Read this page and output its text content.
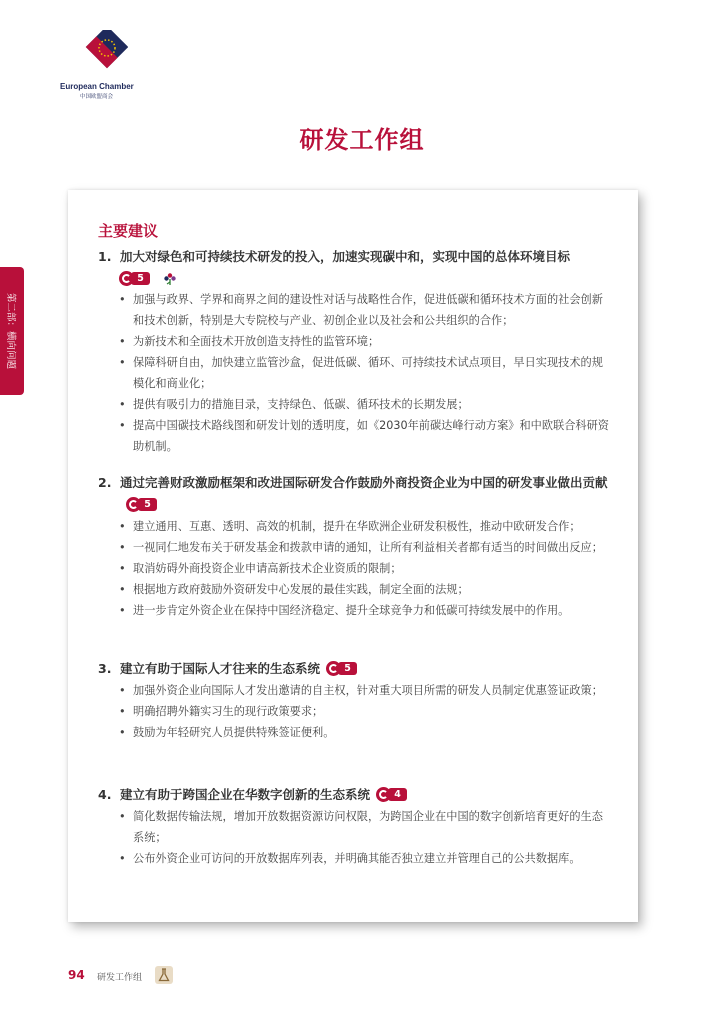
European Chamber
中国欧盟商会
研发工作组
第二部：横向问题
主要建议
1. 加大对绿色和可持续技术研发的投入，加速实现碳中和，实现中国的总体环境目标
5

• 加强与政界、学界和商界之间的建设性对话与战略性合作，促进低碳和循环技术方面的社会创新和技术创新，特别是大专院校与产业、初创企业以及社会和公共组织的合作；
• 为新技术和全面技术开放创造支持性的监管环境；
• 保障科研自由，加快建立监管沙盒，促进低碳、循环、可持续技术试点项目，早日实现技术的规模化和商业化；
• 提供有吸引力的措施目录，支持绿色、低碳、循环技术的长期发展；
• 提高中国碳技术路线图和研发计划的透明度，如《2030年前碳达峰行动方案》和中欧联合科研资助机制。
2. 通过完善财政激励框架和改进国际研发合作鼓励外商投资企业为中国的研发事业做出贡献
5
• 建立通用、互惠、透明、高效的机制，提升在华欧洲企业研发积极性，推动中欧研发合作；
• 一视同仁地发布关于研发基金和拨款申请的通知，让所有利益相关者都有适当的时间做出反应；
• 取消妨碍外商投资企业申请高新技术企业资质的限制；
• 根据地方政府鼓励外资研发中心发展的最佳实践，制定全面的法规；
• 进一步肯定外资企业在保持中国经济稳定、提升全球竞争力和低碳可持续发展中的作用。
3. 建立有助于国际人才往来的生态系统	5
• 加强外资企业向国际人才发出邀请的自主权，针对重大项目所需的研发人员制定优惠签证政策；
• 明确招聘外籍实习生的现行政策要求；
• 鼓励为年轻研究人员提供特殊签证便利。
4. 建立有助于跨国企业在华数字创新的生态系统	4
• 简化数据传输法规，增加开放数据资源访问权限，为跨国企业在中国的数字创新培育更好的生态系统；
• 公布外资企业可访问的开放数据库列表，并明确其能否独立建立并管理自己的公共数据库。
94 研发工作组
